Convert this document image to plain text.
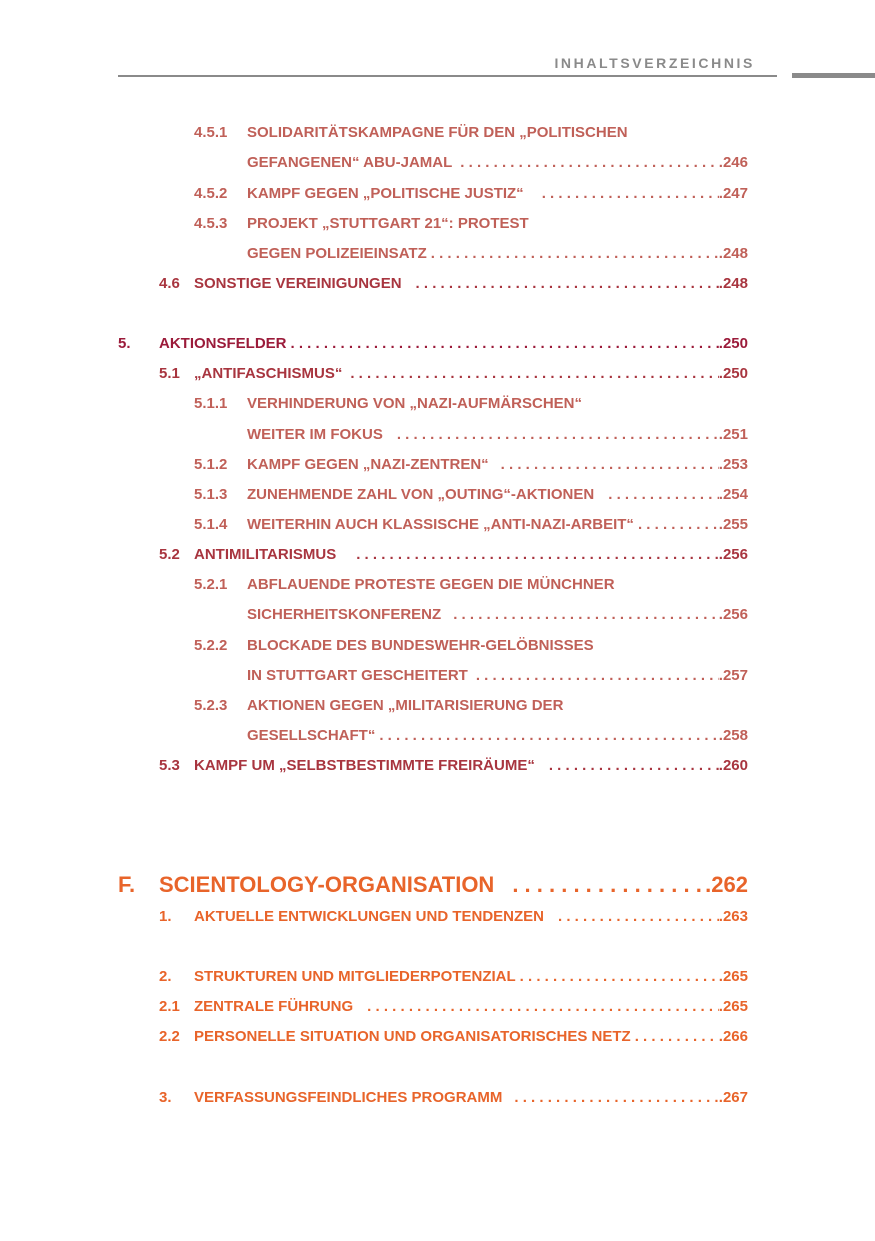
INHALTSVERZEICHNIS
4.5.1	SOLIDARITÄTSKAMPAGNE FÜR DEN „POLITISCHEN
GEFANGENEN“ ABU-JAMAL . . .	.246
4.5.2	KAMPF GEGEN „POLITISCHE JUSTIZ“ . . .	.247
4.5.3	PROJEKT „STUTTGART 21“: PROTEST
GEGEN POLIZEIEINSATZ . . .	.248
4.6 SONSTIGE VEREINIGUNGEN . . .	.248
5.	AKTIONSFELDER . . .	.250
5.1 „ANTIFASCHISMUS“ . . .	.250
5.1.1	VERHINDERUNG VON „NAZI-AUFMÄRSCHEN“
WEITER IM FOKUS . . .	.251
5.1.2	KAMPF GEGEN „NAZI-ZENTREN“ . . .	.253
5.1.3	ZUNEHMENDE ZAHL VON „OUTING“-AKTIONEN . . .	.254
5.1.4	WEITERHIN AUCH KLASSISCHE „ANTI-NAZI-ARBEIT“ . . .	.255
5.2 ANTIMILITARISMUS . . .	.256
5.2.1	ABFLAUENDE PROTESTE GEGEN DIE MÜNCHNER
SICHERHEITSKONFERENZ . . .	.256
5.2.2	BLOCKADE DES BUNDESWEHR-GELÖBNISSES
IN STUTTGART GESCHEITERT . . .	.257
5.2.3	AKTIONEN GEGEN „MILITARISIERUNG DER
GESELLSCHAFT“ . . .	.258
5.3 KAMPF UM „SELBSTBESTIMMTE FREIRÄUME“ . . .	.260
F.	SCIENTOLOGY-ORGANISATION . . .	.262
1.	AKTUELLE ENTWICKLUNGEN UND TENDENZEN . . .	.263
2.	STRUKTUREN UND MITGLIEDERPOTENZIAL . . .	.265
2.1 ZENTRALE FÜHRUNG . . .	.265
2.2 PERSONELLE SITUATION UND ORGANISATORISCHES NETZ . . .	.266
3.	VERFASSUNGSFEINDLICHES PROGRAMM . . .	.267
